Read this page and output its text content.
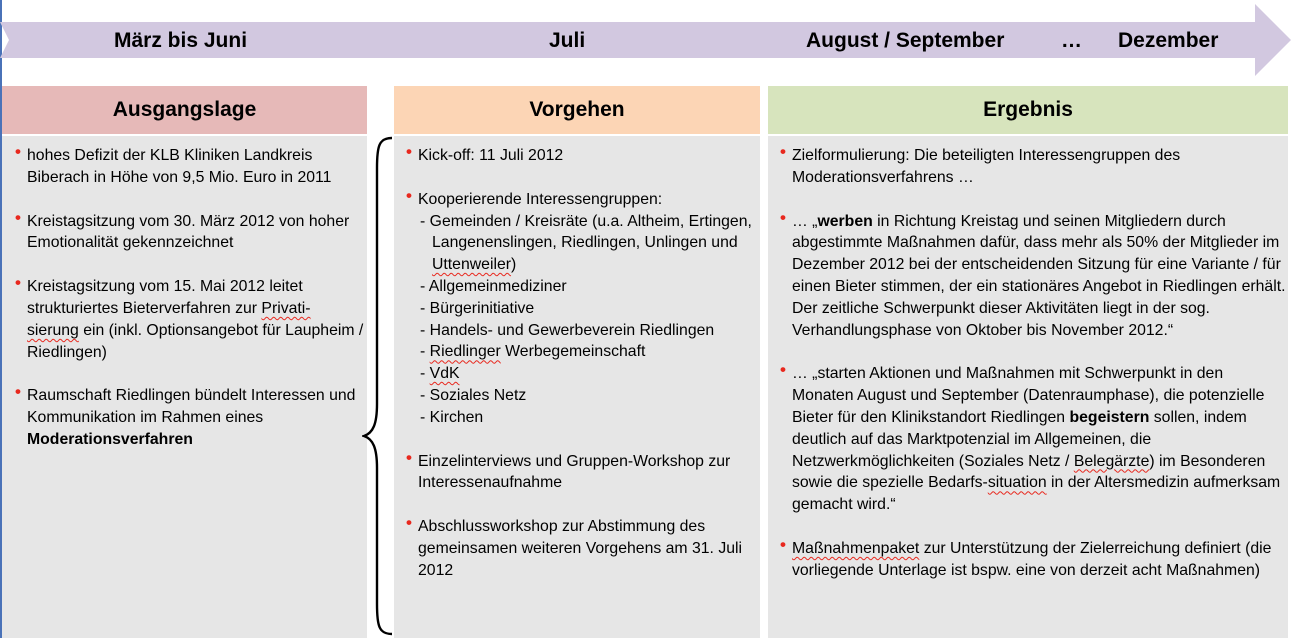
März bis Juni	Juli	August / September	… Dezember
Ausgangslage	Vorgehen	Ergebnis
• hohes Defizit der KLB Kliniken Landkreis Biberach in Höhe von 9,5 Mio. Euro in 2011
• Kreistagsitzung vom 30. März 2012 von hoher Emotionalität gekennzeichnet
• Kreistagsitzung vom 15. Mai 2012 leitet strukturiertes Bieterverfahren zur Privati-
sierung ein (inkl. Optionsangebot für Laupheim / Riedlingen)
• Raumschaft Riedlingen bündelt Interessen und Kommunikation im Rahmen eines Moderationsverfahren
• Kick-off: 11 Juli 2012
• Kooperierende Interessengruppen:
- Gemeinden / Kreisräte (u.a. Altheim, Ertingen, Langenenslingen, Riedlingen, Unlingen und Uttenweiler)
- Allgemeinmediziner
- Bürgerinitiative
- Handels- und Gewerbeverein Riedlingen
- Riedlinger Werbegemeinschaft
- VdK
- Soziales Netz
- Kirchen
• Einzelinterviews und Gruppen-Workshop zur Interessenaufnahme
• Abschlussworkshop zur Abstimmung des gemeinsamen weiteren Vorgehens am 31. Juli 2012
• Zielformulierung: Die beteiligten Interessengruppen des Moderationsverfahrens …
• … „werben in Richtung Kreistag und seinen Mitgliedern durch abgestimmte Maßnahmen dafür, dass mehr als 50% der Mitglieder im Dezember 2012 bei der entscheidenden Sitzung für eine Variante / für einen Bieter stimmen, der ein stationäres Angebot in Riedlingen erhält. Der zeitliche Schwerpunkt dieser Aktivitäten liegt in der sog. Verhandlungsphase von Oktober bis November 2012.“
• … „starten Aktionen und Maßnahmen mit Schwerpunkt in den Monaten August und September (Datenraumphase), die potenzielle Bieter für den Klinikstandort Riedlingen begeistern sollen, indem deutlich auf das Marktpotenzial im Allgemeinen, die Netzwerkmöglichkeiten (Soziales Netz / Belegärzte) im Besonderen sowie die spezielle Bedarfs-situation in der Altersmedizin aufmerksam gemacht wird.“
• Maßnahmenpaket zur Unterstützung der Zielerreichung definiert (die vorliegende Unterlage ist bspw. eine von derzeit acht Maßnahmen)
